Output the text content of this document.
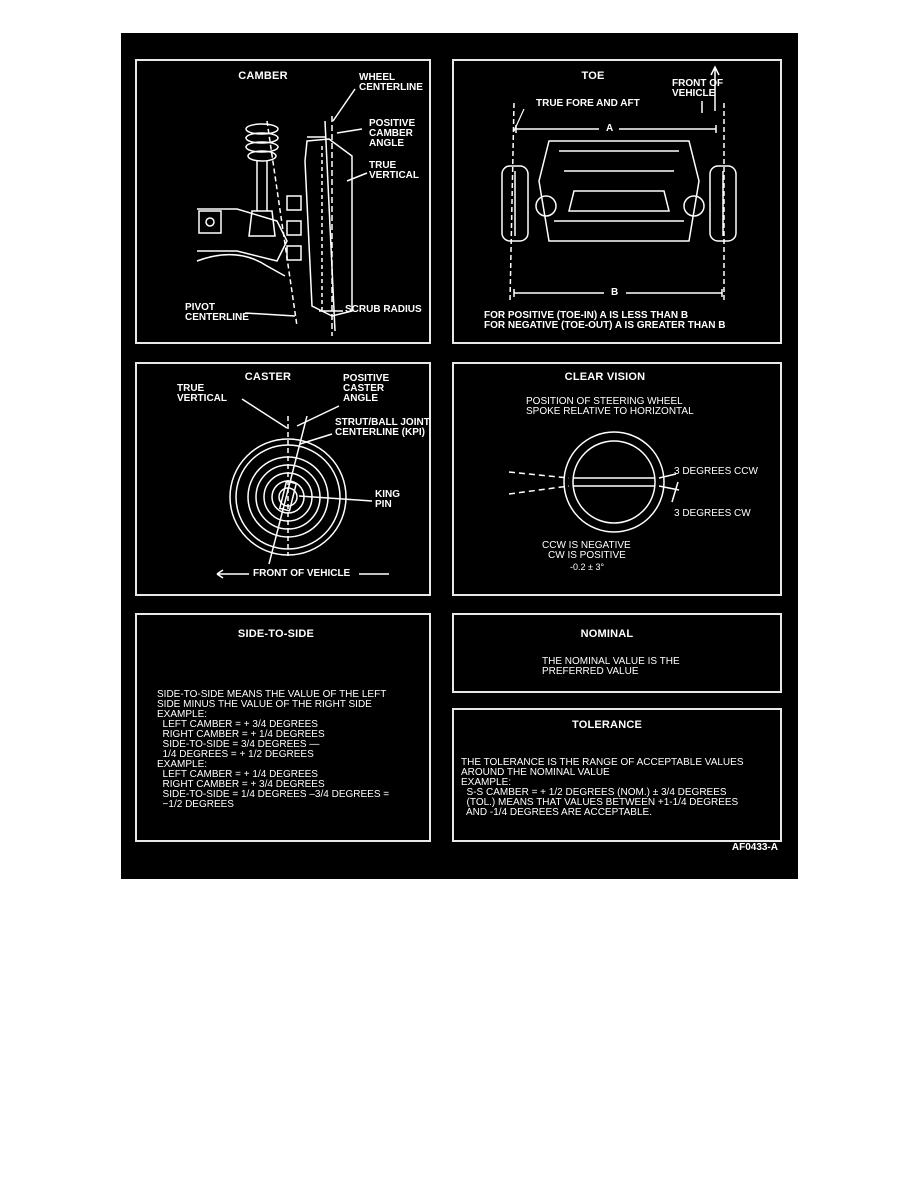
CAMBER	WHEEL
CENTERLINE
POSITIVE
CAMBER
ANGLE
TRUE
VERTICAL
PIVOT
CENTERLINE
SCRUB RADIUS
TOE
FRONT OF
VEHICLE
TRUE FORE AND AFT
A
B
FOR POSITIVE (TOE-IN) A IS LESS THAN B
FOR NEGATIVE (TOE-OUT) A IS GREATER THAN B
CASTER
TRUE
VERTICAL
POSITIVE
CASTER
ANGLE
STRUT/BALL JOINT
CENTERLINE (KPI)
KING
PIN
FRONT OF VEHICLE
CLEAR VISION
POSITION OF STEERING WHEEL
SPOKE RELATIVE TO HORIZONTAL
3 DEGREES CCW
3 DEGREES CW
CCW IS NEGATIVE
CW IS POSITIVE
-0.2 ± 3°
SIDE-TO-SIDE
SIDE-TO-SIDE MEANS THE VALUE OF THE LEFT
SIDE MINUS THE VALUE OF THE RIGHT SIDE
EXAMPLE:
LEFT CAMBER = + 3/4 DEGREES
RIGHT CAMBER = + 1/4 DEGREES
SIDE-TO-SIDE = 3/4 DEGREES —
1/4 DEGREES = + 1/2 DEGREES
EXAMPLE:
LEFT CAMBER = + 1/4 DEGREES
RIGHT CAMBER = + 3/4 DEGREES
SIDE-TO-SIDE = 1/4 DEGREES –3/4 DEGREES =
−1/2 DEGREES
NOMINAL
THE NOMINAL VALUE IS THE
PREFERRED VALUE
TOLERANCE
THE TOLERANCE IS THE RANGE OF ACCEPTABLE VALUES
AROUND THE NOMINAL VALUE
EXAMPLE:
S-S CAMBER = + 1/2 DEGREES (NOM.) ± 3/4 DEGREES
(TOL.) MEANS THAT VALUES BETWEEN +1-1/4 DEGREES
AND -1/4 DEGREES ARE ACCEPTABLE.
AF0433-A
